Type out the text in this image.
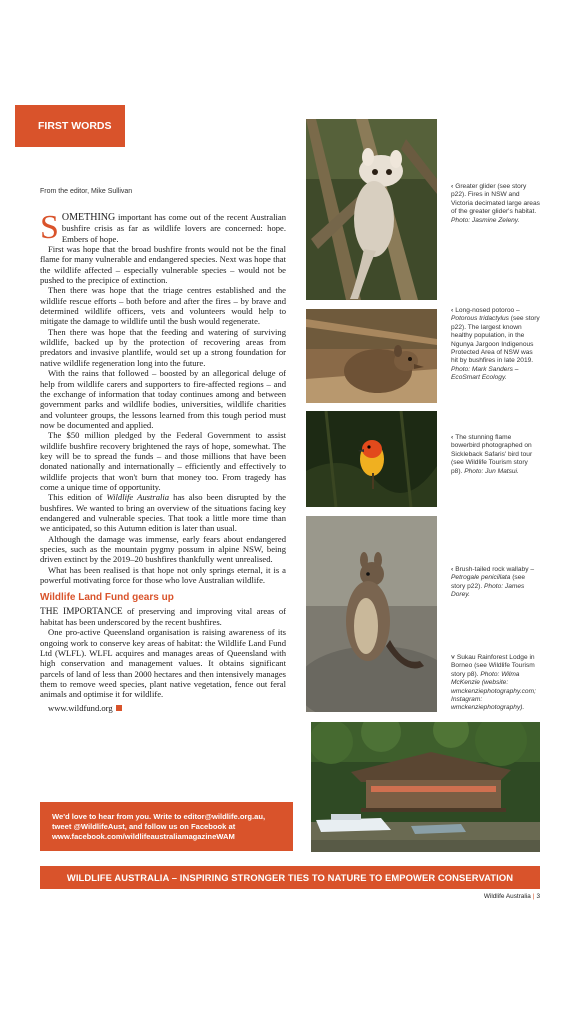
FIRST WORDS
From the editor, Mike Sullivan

SOMETHING important has come out of the recent Australian bushfire crisis as far as wildlife lovers are concerned: hope. Embers of hope.

First was hope that the broad bushfire fronts would not be the final flame for many vulnerable and endangered species. Next was hope that the wildlife affected – especially vulnerable species – would not be pushed to the precipice of extinction.

Then there was hope that the triage centres established and the wildlife rescue efforts – both before and after the fires – by brave and determined wildlife officers, vets and volunteers would help to mitigate the damage to wildlife until the bush would regenerate.

Then there was hope that the feeding and watering of surviving wildlife, backed up by the protection of recovering areas from predators and invasive plantlife, would set up a strong foundation for native wildlife regeneration long into the future.

With the rains that followed – boosted by an allegorical deluge of help from wildlife carers and supporters to fire-affected regions – and the exchange of information that today continues among and between government parks and wildlife bodies, universities, wildlife charities and volunteer groups, the lessons learned from this tough period must now be documented and applied.

The $50 million pledged by the Federal Government to assist wildlife bushfire recovery brightened the rays of hope, somewhat. The key will be to spread the funds – and those millions that have been donated nationally and internationally – efficiently and effectively to wildlife projects that won't burn that money too. From tragedy has come a unique time of opportunity.

This edition of Wildlife Australia has also been disrupted by the bushfires. We wanted to bring an overview of the situations facing key endangered and vulnerable species. That took a little more time than we anticipated, so this Autumn edition is later than usual.

Although the damage was immense, early fears about endangered species, such as the mountain pygmy possum in alpine NSW, being driven extinct by the 2019–20 bushfires thankfully went unrealised.

What has been realised is that hope not only springs eternal, it is a powerful motivating force for those who love Australian wildlife.

Wildlife Land Fund gears up

THE IMPORTANCE of preserving and improving vital areas of habitat has been underscored by the recent bushfires.

One pro-active Queensland organisation is raising awareness of its ongoing work to conserve key areas of habitat: the Wildlife Land Fund Ltd (WLFL). WLFL acquires and manages areas of Queensland with high conservation and management values. It obtains significant parcels of land of less than 2000 hectares and then intensively manages them to remove weed species, plant native vegetation, fence out feral animals and optimise it for wildlife.

www.wildfund.org

We'd love to hear from you. Write to editor@wildlife.org.au, tweet @WildlifeAust, and follow us on Facebook at www.facebook.com/wildlifeaustraliamagazineWAM
WILDLIFE AUSTRALIA – INSPIRING STRONGER TIES TO NATURE TO EMPOWER CONSERVATION
Wildlife Australia | 3
‹ Greater glider (see story p22). Fires in NSW and Victoria decimated large areas of the greater glider's habitat. Photo: Jasmine Zeleny.
‹ Long-nosed potoroo – Potorous tridactylus (see story p22). The largest known healthy population, in the Ngunya Jargoon Indigenous Protected Area of NSW was hit by bushfires in late 2019. Photo: Mark Sanders – EcoSmart Ecology.
‹ The stunning flame bowerbird photographed on Sickleback Safaris' bird tour (see Wildlife Tourism story p8). Photo: Jun Matsui.
‹ Brush-tailed rock wallaby – Petrogale penicillata (see story p22). Photo: James Dorey.
˅ Sukau Rainforest Lodge in Borneo (see Wildlife Tourism story p8). Photo: Wilma McKenzie (website: wmckenziephotography.com; Instagram: wmckenziephotography).
